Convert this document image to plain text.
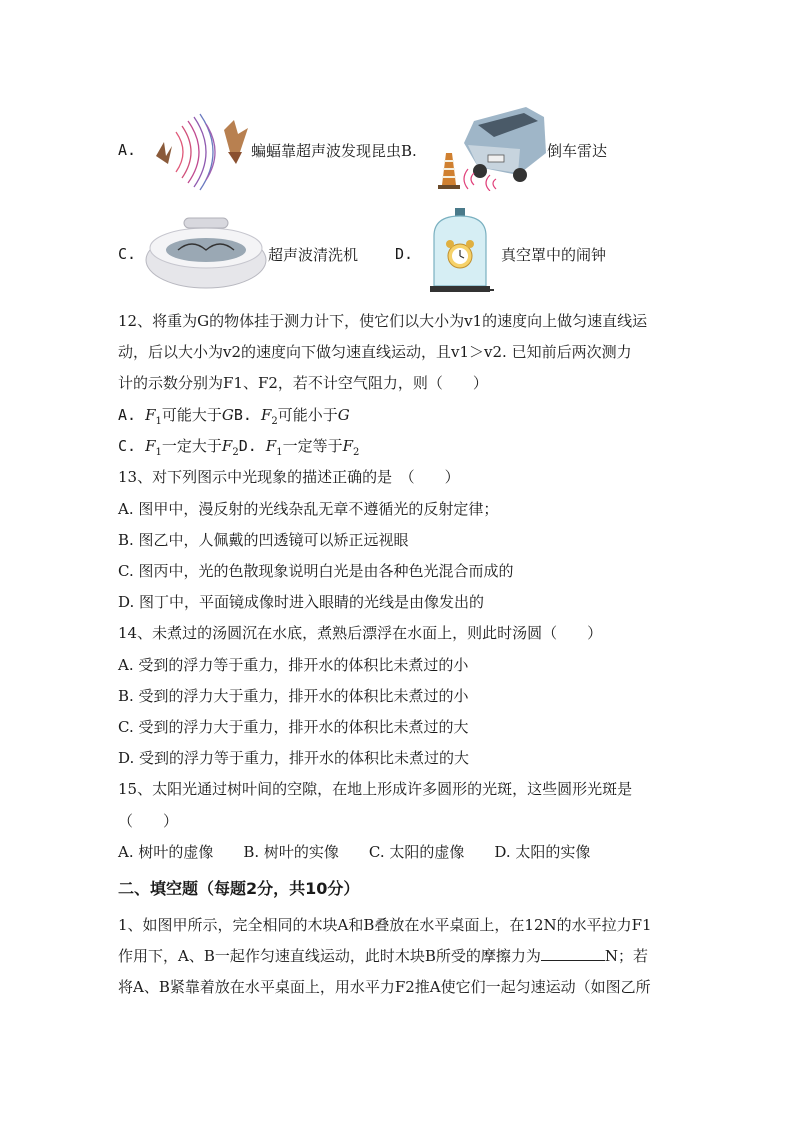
A.	蝙蝠靠超声波发现昆虫B.	倒车雷达
C.	超声波清洗机 D.	真空罩中的闹钟
12、将重为G的物体挂于测力计下，使它们以大小为v1的速度向上做匀速直线运
动，后以大小为v2的速度向下做匀速直线运动，且v1＞v2. 已知前后两次测力
计的示数分别为F1、F2，若不计空气阻力，则（　　）
A. $F_1$可能大于GB. $F_2$可能小于G
C. $F_1$一定大于$F_2D$. $F_1$一定等于$F_2$
13、对下列图示中光现象的描述正确的是　（　　）
A. 图甲中，漫反射的光线杂乱无章不遵循光的反射定律；
B. 图乙中，人佩戴的凹透镜可以矫正远视眼
C. 图丙中，光的色散现象说明白光是由各种色光混合而成的
D. 图丁中，平面镜成像时进入眼睛的光线是由像发出的
14、未煮过的汤圆沉在水底，煮熟后漂浮在水面上，则此时汤圆（　　）
A. 受到的浮力等于重力，排开水的体积比未煮过的小
B. 受到的浮力大于重力，排开水的体积比未煮过的小
C. 受到的浮力大于重力，排开水的体积比未煮过的大
D. 受到的浮力等于重力，排开水的体积比未煮过的大
15、太阳光通过树叶间的空隙，在地上形成许多圆形的光斑，这些圆形光斑是
（　　）
A. 树叶的虚像　　B. 树叶的实像　　C. 太阳的虚像　　D. 太阳的实像
二、填空题（每题2分，共10分）
1、如图甲所示，完全相同的木块A和B叠放在水平桌面上，在12N的水平拉力F1
作用下，A、B一起作匀速直线运动，此时木块B所受的摩擦力为	N；若
将A、B紧靠着放在水平桌面上，用水平力F2推A使它们一起匀速运动（如图乙所
